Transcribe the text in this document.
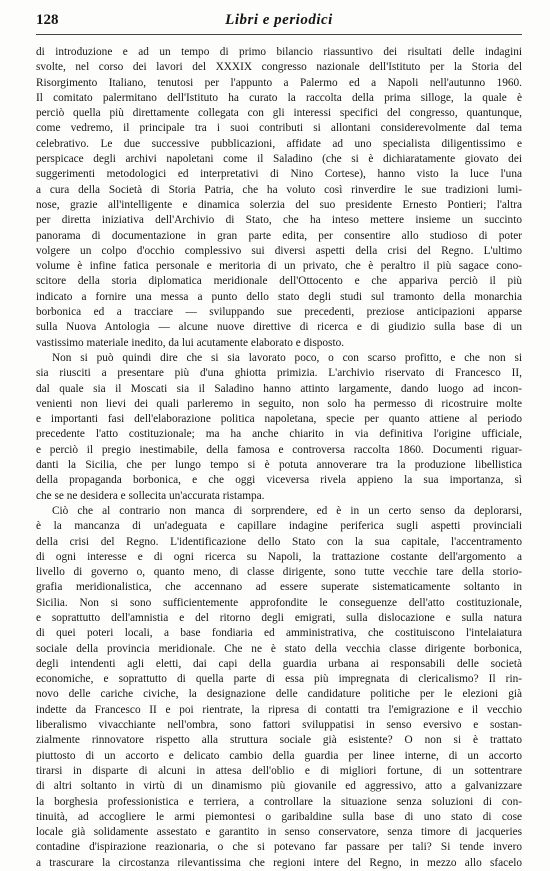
128	Libri e periodici
di introduzione e ad un tempo di primo bilancio riassuntivo dei risultati delle indagini
svolte, nel corso dei lavori del XXXIX congresso nazionale dell'Istituto per la Storia del
Risorgimento Italiano, tenutosi per l'appunto a Palermo ed a Napoli nell'autunno 1960.
Il comitato palermitano dell'Istituto ha curato la raccolta della prima silloge, la quale è
perciò quella più direttamente collegata con gli interessi specifici del congresso, quantunque,
come vedremo, il principale tra i suoi contributi si allontani considerevolmente dal tema
celebrativo. Le due successive pubblicazioni, affidate ad uno specialista diligentissimo e
perspicace degli archivi napoletani come il Saladino (che si è dichiaratamente giovato dei
suggerimenti metodologici ed interpretativi di Nino Cortese), hanno visto la luce l'una
a cura della Società di Storia Patria, che ha voluto così rinverdire le sue tradizioni lumi-
nose, grazie all'intelligente e dinamica solerzia del suo presidente Ernesto Pontieri; l'altra
per diretta iniziativa dell'Archivio di Stato, che ha inteso mettere insieme un succinto
panorama di documentazione in gran parte edita, per consentire allo studioso di poter
volgere un colpo d'occhio complessivo sui diversi aspetti della crisi del Regno. L'ultimo
volume è infine fatica personale e meritoria di un privato, che è peraltro il più sagace cono-
scitore della storia diplomatica meridionale dell'Ottocento e che appariva perciò il più
indicato a fornire una messa a punto dello stato degli studi sul tramonto della monarchia
borbonica ed a tracciare — sviluppando sue precedenti, preziose anticipazioni apparse
sulla Nuova Antologia — alcune nuove direttive di ricerca e di giudizio sulla base di un
vastissimo materiale inedito, da lui acutamente elaborato e disposto.
Non si può quindi dire che si sia lavorato poco, o con scarso profitto, e che non si
sia riusciti a presentare più d'una ghiotta primizia. L'archivio riservato di Francesco II,
dal quale sia il Moscati sia il Saladino hanno attinto largamente, dando luogo ad incon-
venienti non lievi dei quali parleremo in seguito, non solo ha permesso di ricostruire molte
e importanti fasi dell'elaborazione politica napoletana, specie per quanto attiene al periodo
precedente l'atto costituzionale; ma ha anche chiarito in via definitiva l'origine ufficiale,
e perciò il pregio inestimabile, della famosa e controversa raccolta 1860. Documenti riguar-
danti la Sicilia, che per lungo tempo si è potuta annoverare tra la produzione libellistica
della propaganda borbonica, e che oggi viceversa rivela appieno la sua importanza, sì
che se ne desidera e sollecita un'accurata ristampa.
Ciò che al contrario non manca di sorprendere, ed è in un certo senso da deplorarsi,
è la mancanza di un'adeguata e capillare indagine periferica sugli aspetti provinciali
della crisi del Regno. L'identificazione dello Stato con la sua capitale, l'accentramento
di ogni interesse e di ogni ricerca su Napoli, la trattazione costante dell'argomento a
livello di governo o, quanto meno, di classe dirigente, sono tutte vecchie tare della storio-
grafia meridionalistica, che accennano ad essere superate sistematicamente soltanto in
Sicilia. Non si sono sufficientemente approfondite le conseguenze dell'atto costituzionale,
e soprattutto dell'amnistia e del ritorno degli emigrati, sulla dislocazione e sulla natura
di quei poteri locali, a base fondiaria ed amministrativa, che costituiscono l'intelaiatura
sociale della provincia meridionale. Che ne è stato della vecchia classe dirigente borbonica,
degli intendenti agli eletti, dai capi della guardia urbana ai responsabili delle società
economiche, e soprattutto di quella parte di essa più impregnata di clericalismo? Il rin-
novo delle cariche civiche, la designazione delle candidature politiche per le elezioni già
indette da Francesco II e poi rientrate, la ripresa di contatti tra l'emigrazione e il vecchio
liberalismo vivacchiante nell'ombra, sono fattori sviluppatisi in senso eversivo e sostan-
zialmente rinnovatore rispetto alla struttura sociale già esistente? O non si è trattato
piuttosto di un accorto e delicato cambio della guardia per linee interne, di un accorto
tirarsi in disparte di alcuni in attesa dell'oblio e di migliori fortune, di un sottentrare
di altri soltanto in virtù di un dinamismo più giovanile ed aggressivo, atto a galvanizzare
la borghesia professionistica e terriera, a controllare la situazione senza soluzioni di con-
tinuità, ad accogliere le armi piemontesi o garibaldine sulla base di uno stato di cose
locale già solidamente assestato e garantito in senso conservatore, senza timore di jacqueries
contadine d'ispirazione reazionaria, o che si potevano far passare per tali? Si tende invero
a trascurare la circostanza rilevantissima che regioni intere del Regno, in mezzo allo sfacelo
